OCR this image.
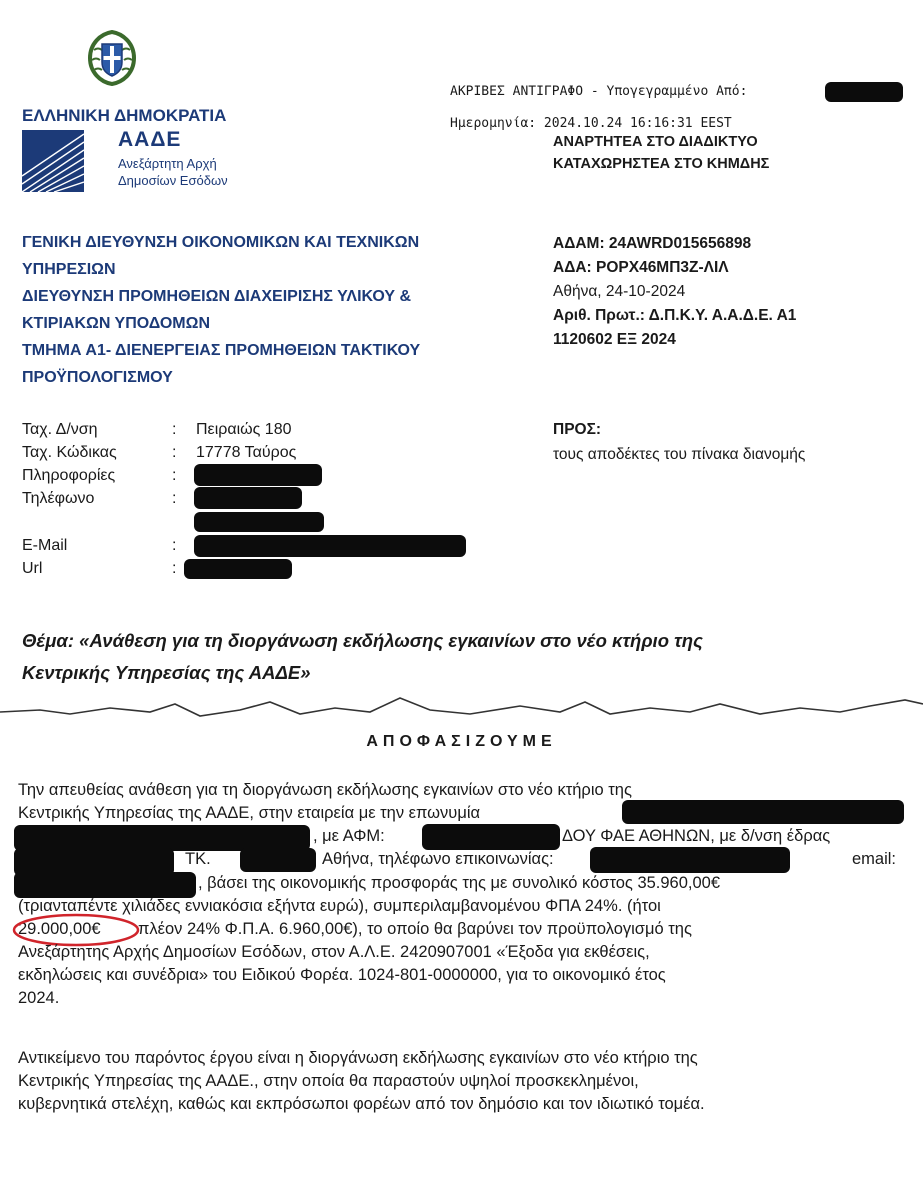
ΕΛΛΗΝΙΚΗ ΔΗΜΟΚΡΑΤΙΑ
ΑΑΔΕ
Ανεξάρτητη Αρχή
Δημοσίων Εσόδων
ΑΚΡΙΒΕΣ ΑΝΤΙΓΡΑΦΟ - Υπογεγραμμένο Από:
Ημερομηνία: 2024.10.24 16:16:31 EEST
ΑΝΑΡΤΗΤΕΑ ΣΤΟ ΔΙΑΔΙΚΤΥΟ
ΚΑΤΑΧΩΡΗΣΤΕΑ ΣΤΟ ΚΗΜΔΗΣ
ΓΕΝΙΚΗ ΔΙΕΥΘΥΝΣΗ ΟΙΚΟΝΟΜΙΚΩΝ ΚΑΙ ΤΕΧΝΙΚΩΝ
ΥΠΗΡΕΣΙΩΝ
ΔΙΕΥΘΥΝΣΗ ΠΡΟΜΗΘΕΙΩΝ ΔΙΑΧΕΙΡΙΣΗΣ ΥΛΙΚΟΥ &
ΚΤΙΡΙΑΚΩΝ ΥΠΟΔΟΜΩΝ
ΤΜΗΜΑ Α1- ΔΙΕΝΕΡΓΕΙΑΣ ΠΡΟΜΗΘΕΙΩΝ ΤΑΚΤΙΚΟΥ
ΠΡΟΫΠΟΛΟΓΙΣΜΟΥ
ΑΔΑΜ: 24AWRD015656898
ΑΔΑ: ΡΟΡΧ46ΜΠ3Ζ-ΛΙΛ
Αθήνα, 24-10-2024
Αριθ. Πρωτ.: Δ.Π.Κ.Υ. Α.Α.Δ.Ε. Α1
1120602 ΕΞ 2024
Ταχ. Δ/νση	: Πειραιώς 180
Ταχ. Κώδικας	: 17778 Ταύρος
Πληροφορίες	:
Τηλέφωνο	:
E-Mail	:
Url	:
ΠΡΟΣ:
τους αποδέκτες του πίνακα διανομής
Θέμα: «Ανάθεση για τη διοργάνωση εκδήλωσης εγκαινίων στο νέο κτήριο της
Κεντρικής Υπηρεσίας της ΑΑΔΕ»
ΑΠΟΦΑΣΙΖΟΥΜΕ
Την απευθείας ανάθεση για τη διοργάνωση εκδήλωσης εγκαινίων στο νέο κτήριο της
Κεντρικής Υπηρεσίας της ΑΑΔΕ, στην εταιρεία με την επωνυμία
, με ΑΦΜ:	ΔΟΥ ΦΑΕ ΑΘΗΝΩΝ, με δ/νση έδρας
ΤΚ.	Αθήνα, τηλέφωνο επικοινωνίας:	email:
, βάσει της οικονομικής προσφοράς της με συνολικό κόστος 35.960,00€
(τριανταπέντε χιλιάδες εννιακόσια εξήντα ευρώ), συμπεριλαμβανομένου ΦΠΑ 24%. (ήτοι
29.000,00€ πλέον 24% Φ.Π.Α. 6.960,00€), το οποίο θα βαρύνει τον προϋπολογισμό της
Ανεξάρτητης Αρχής Δημοσίων Εσόδων, στον Α.Λ.Ε. 2420907001 «Έξοδα για εκθέσεις,
εκδηλώσεις και συνέδρια» του Ειδικού Φορέα. 1024-801-0000000, για το οικονομικό έτος
2024.
Αντικείμενο του παρόντος έργου είναι η διοργάνωση εκδήλωσης εγκαινίων στο νέο κτήριο της
Κεντρικής Υπηρεσίας της ΑΑΔΕ., στην οποία θα παραστούν υψηλοί προσκεκλημένοι,
κυβερνητικά στελέχη, καθώς και εκπρόσωποι φορέων από τον δημόσιο και τον ιδιωτικό τομέα.
